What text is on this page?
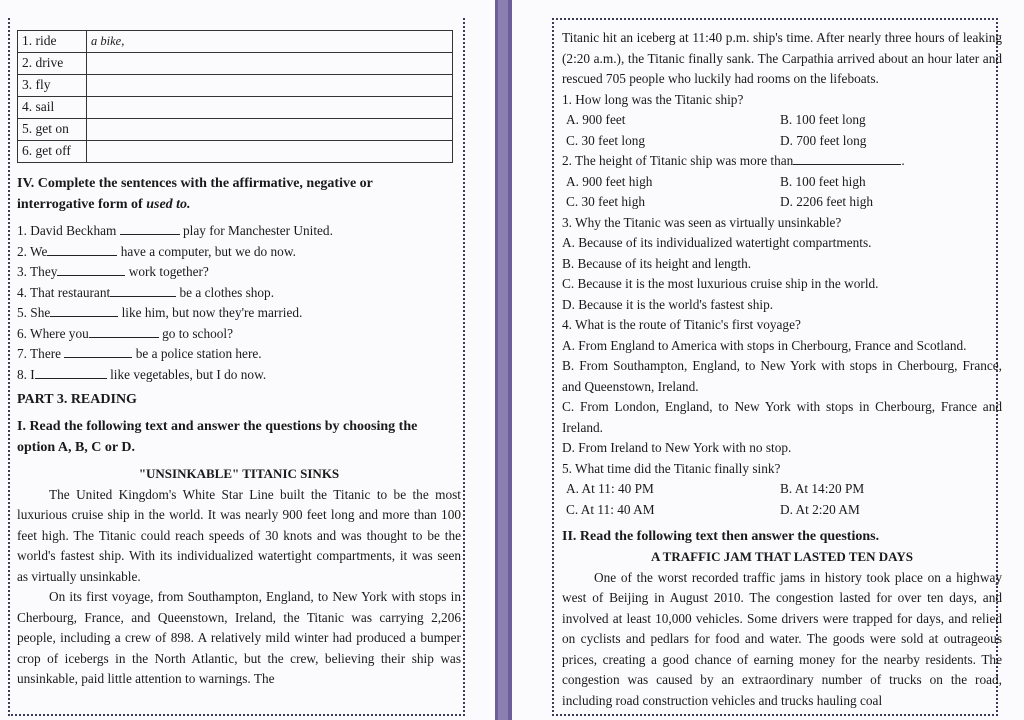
1. ride	a bike,
2. drive	
3. fly	
4. sail	
5. get on	
6. get off	
IV. Complete the sentences with the affirmative, negative or
interrogative form of used to.
1. David Beckham	play for Manchester United.
2. We	have a computer, but we do now.
3. They	work together?
4. That restaurant	be a clothes shop.
5. She	like him, but now they're married.
6. Where you	go to school?
7. There	be a police station here.
8. I	like vegetables, but I do now.
PART 3. READING
I. Read the following text and answer the questions by choosing the
option A, B, C or D.
"UNSINKABLE" TITANIC SINKS
The United Kingdom's White Star Line built the Titanic to be the most luxurious cruise ship in the world. It was nearly 900 feet long and more than 100 feet high. The Titanic could reach speeds of 30 knots and was thought to be the world's fastest ship. With its individualized watertight compartments, it was seen as virtually unsinkable.
On its first voyage, from Southampton, England, to New York with stops in Cherbourg, France, and Queenstown, Ireland, the Titanic was carrying 2,206 people, including a crew of 898. A relatively mild winter had produced a bumper crop of icebergs in the North Atlantic, but the crew, believing their ship was unsinkable, paid little attention to warnings. The
Titanic hit an iceberg at 11:40 p.m. ship's time. After nearly three hours of leaking (2:20 a.m.), the Titanic finally sank. The Carpathia arrived about an hour later and rescued 705 people who luckily had rooms on the lifeboats.
1. How long was the Titanic ship?
A. 900 feet	B. 100 feet long
C. 30 feet long	D. 700 feet long
2. The height of Titanic ship was more than	.
A. 900 feet high	B. 100 feet high
C. 30 feet high	D. 2206 feet high
3. Why the Titanic was seen as virtually unsinkable?
A. Because of its individualized watertight compartments.
B. Because of its height and length.
C. Because it is the most luxurious cruise ship in the world.
D. Because it is the world's fastest ship.
4. What is the route of Titanic's first voyage?
A. From England to America with stops in Cherbourg, France and Scotland.
B. From Southampton, England, to New York with stops in Cherbourg, France, and Queenstown, Ireland.
C. From London, England, to New York with stops in Cherbourg, France and Ireland.
D. From Ireland to New York with no stop.
5. What time did the Titanic finally sink?
A. At 11: 40 PM	B. At 14:20 PM
C. At 11: 40 AM	D. At 2:20 AM
II. Read the following text then answer the questions.
A TRAFFIC JAM THAT LASTED TEN DAYS
One of the worst recorded traffic jams in history took place on a highway west of Beijing in August 2010. The congestion lasted for over ten days, and involved at least 10,000 vehicles. Some drivers were trapped for days, and relied on cyclists and pedlars for food and water. The goods were sold at outrageous prices, creating a good chance of earning money for the nearby residents. The congestion was caused by an extraordinary number of trucks on the road, including road construction vehicles and trucks hauling coal
